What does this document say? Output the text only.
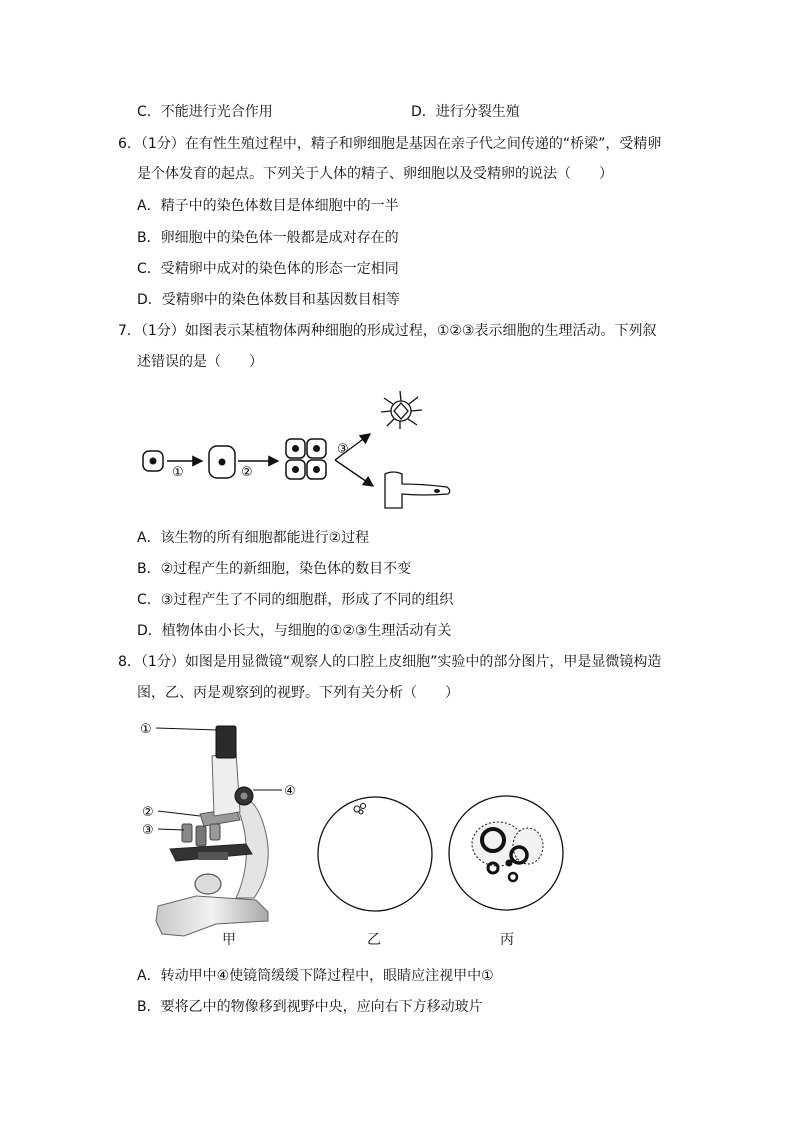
C．不能进行光合作用	D．进行分裂生殖
6．（1分）在有性生殖过程中，精子和卵细胞是基因在亲子代之间传递的“桥梁”，受精卵
是个体发育的起点。下列关于人体的精子、卵细胞以及受精卵的说法（　　）
A．精子中的染色体数目是体细胞中的一半
B．卵细胞中的染色体一般都是成对存在的
C．受精卵中成对的染色体的形态一定相同
D．受精卵中的染色体数目和基因数目相等
7．（1分）如图表示某植物体两种细胞的形成过程，①②③表示细胞的生理活动。下列叙
述错误的是（　　）
①	②
③
A．该生物的所有细胞都能进行②过程
B．②过程产生的新细胞，染色体的数目不变
C．③过程产生了不同的细胞群，形成了不同的组织
D．植物体由小长大，与细胞的①②③生理活动有关
8．（1分）如图是用显微镜“观察人的口腔上皮细胞”实验中的部分图片，甲是显微镜构造
图，乙、丙是观察到的视野。下列有关分析（　　）
①
②
③
④
甲	乙	丙
A．转动甲中④使镜筒缓缓下降过程中，眼睛应注视甲中①
B．要将乙中的物像移到视野中央，应向右下方移动玻片
